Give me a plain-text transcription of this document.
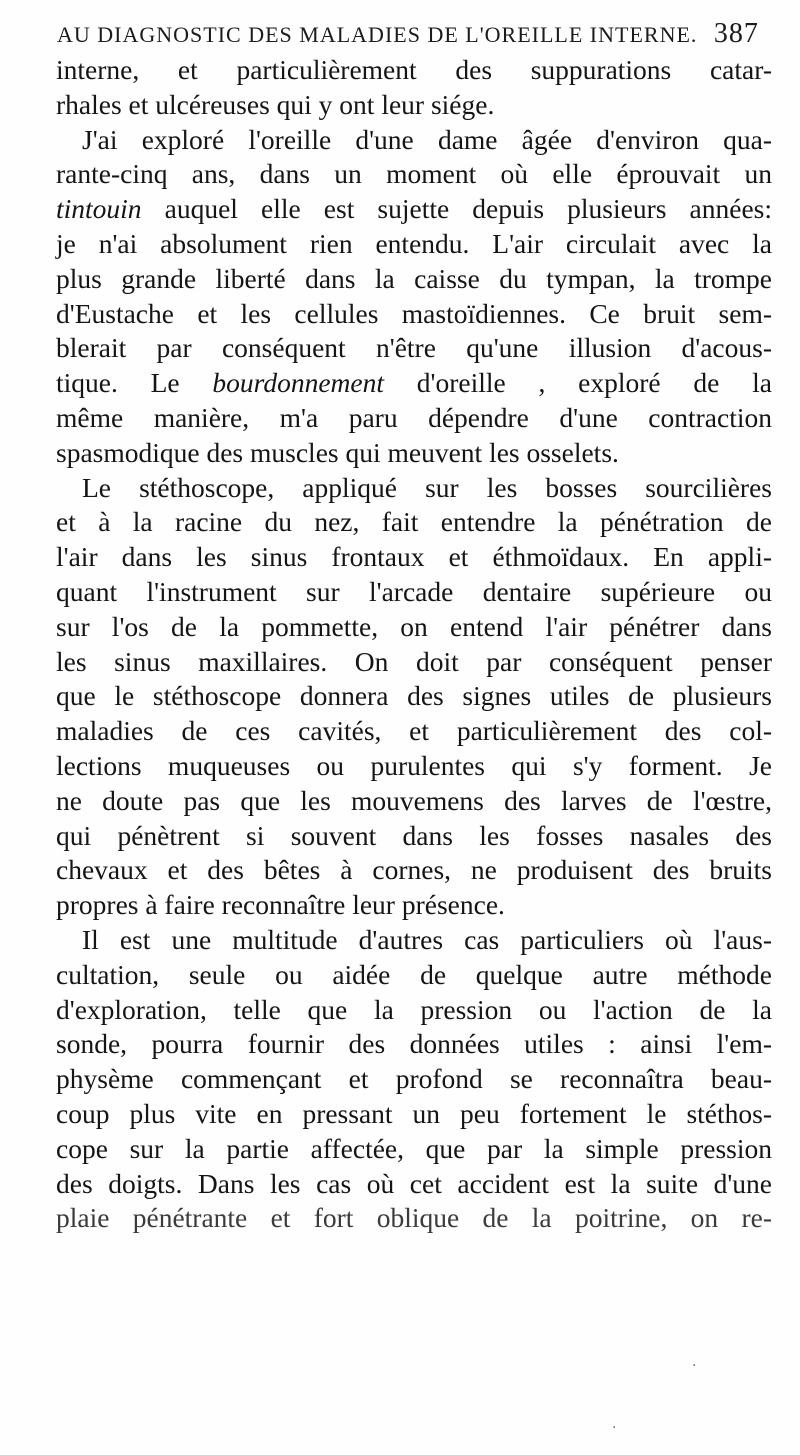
AU DIAGNOSTIC DES MALADIES DE L'OREILLE INTERNE. 387
interne, et particulièrement des suppurations catar-
rhales et ulcéreuses qui y ont leur siége.
J'ai exploré l'oreille d'une dame âgée d'environ qua-
rante-cinq ans, dans un moment où elle éprouvait un
tintouin auquel elle est sujette depuis plusieurs années:
je n'ai absolument rien entendu. L'air circulait avec la
plus grande liberté dans la caisse du tympan, la trompe
d'Eustache et les cellules mastoïdiennes. Ce bruit sem-
blerait par conséquent n'être qu'une illusion d'acous-
tique. Le bourdonnement d'oreille , exploré de la
même manière, m'a paru dépendre d'une contraction
spasmodique des muscles qui meuvent les osselets.
Le stéthoscope, appliqué sur les bosses sourcilières
et à la racine du nez, fait entendre la pénétration de
l'air dans les sinus frontaux et éthmoïdaux. En appli-
quant l'instrument sur l'arcade dentaire supérieure ou
sur l'os de la pommette, on entend l'air pénétrer dans
les sinus maxillaires. On doit par conséquent penser
que le stéthoscope donnera des signes utiles de plusieurs
maladies de ces cavités, et particulièrement des col-
lections muqueuses ou purulentes qui s'y forment. Je
ne doute pas que les mouvemens des larves de l'œstre,
qui pénètrent si souvent dans les fosses nasales des
chevaux et des bêtes à cornes, ne produisent des bruits
propres à faire reconnaître leur présence.
Il est une multitude d'autres cas particuliers où l'aus-
cultation, seule ou aidée de quelque autre méthode
d'exploration, telle que la pression ou l'action de la
sonde, pourra fournir des données utiles : ainsi l'em-
physème commençant et profond se reconnaîtra beau-
coup plus vite en pressant un peu fortement le stéthos-
cope sur la partie affectée, que par la simple pression
des doigts. Dans les cas où cet accident est la suite d'une
plaie pénétrante et fort oblique de la poitrine, on re-
·
·
